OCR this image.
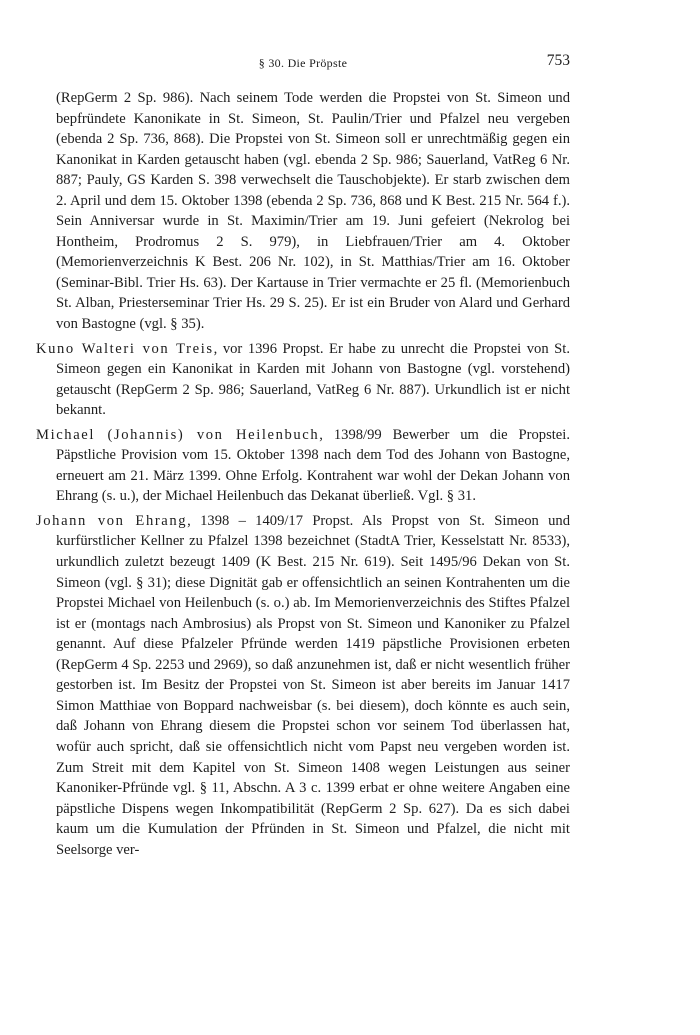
§ 30. Die Pröpste	753

(RepGerm 2 Sp. 986). Nach seinem Tode werden die Propstei von St. Simeon und bepfründete Kanonikate in St. Simeon, St. Paulin/Trier und Pfalzel neu vergeben (ebenda 2 Sp. 736, 868). Die Propstei von St. Simeon soll er unrechtmäßig gegen ein Kanonikat in Karden getauscht haben (vgl. ebenda 2 Sp. 986; Sauerland, VatReg 6 Nr. 887; Pauly, GS Karden S. 398 verwechselt die Tauschobjekte). Er starb zwischen dem 2. April und dem 15. Oktober 1398 (ebenda 2 Sp. 736, 868 und K Best. 215 Nr. 564 f.). Sein Anniversar wurde in St. Maximin/Trier am 19. Juni gefeiert (Nekrolog bei Hontheim, Prodromus 2 S. 979), in Liebfrauen/Trier am 4. Oktober (Memorienverzeichnis K Best. 206 Nr. 102), in St. Matthias/Trier am 16. Oktober (Seminar-Bibl. Trier Hs. 63). Der Kartause in Trier vermachte er 25 fl. (Memorienbuch St. Alban, Priesterseminar Trier Hs. 29 S. 25). Er ist ein Bruder von Alard und Gerhard von Bastogne (vgl. § 35).

Kuno Walteri von Treis, vor 1396 Propst. Er habe zu unrecht die Propstei von St. Simeon gegen ein Kanonikat in Karden mit Johann von Bastogne (vgl. vorstehend) getauscht (RepGerm 2 Sp. 986; Sauerland, VatReg 6 Nr. 887). Urkundlich ist er nicht bekannt.

Michael (Johannis) von Heilenbuch, 1398/99 Bewerber um die Propstei. Päpstliche Provision vom 15. Oktober 1398 nach dem Tod des Johann von Bastogne, erneuert am 21. März 1399. Ohne Erfolg. Kontrahent war wohl der Dekan Johann von Ehrang (s. u.), der Michael Heilenbuch das Dekanat überließ. Vgl. § 31.

Johann von Ehrang, 1398 – 1409/17 Propst. Als Propst von St. Simeon und kurfürstlicher Kellner zu Pfalzel 1398 bezeichnet (StadtA Trier, Kesselstatt Nr. 8533), urkundlich zuletzt bezeugt 1409 (K Best. 215 Nr. 619). Seit 1495/96 Dekan von St. Simeon (vgl. § 31); diese Dignität gab er offensichtlich an seinen Kontrahenten um die Propstei Michael von Heilenbuch (s. o.) ab. Im Memorienverzeichnis des Stiftes Pfalzel ist er (montags nach Ambrosius) als Propst von St. Simeon und Kanoniker zu Pfalzel genannt. Auf diese Pfalzeler Pfründe werden 1419 päpstliche Provisionen erbeten (RepGerm 4 Sp. 2253 und 2969), so daß anzunehmen ist, daß er nicht wesentlich früher gestorben ist. Im Besitz der Propstei von St. Simeon ist aber bereits im Januar 1417 Simon Matthiae von Boppard nachweisbar (s. bei diesem), doch könnte es auch sein, daß Johann von Ehrang diesem die Propstei schon vor seinem Tod überlassen hat, wofür auch spricht, daß sie offensichtlich nicht vom Papst neu vergeben worden ist. Zum Streit mit dem Kapitel von St. Simeon 1408 wegen Leistungen aus seiner Kanoniker-Pfründe vgl. § 11, Abschn. A 3 c. 1399 erbat er ohne weitere Angaben eine päpstliche Dispens wegen Inkompatibilität (RepGerm 2 Sp. 627). Da es sich dabei kaum um die Kumulation der Pfründen in St. Simeon und Pfalzel, die nicht mit Seelsorge ver-
